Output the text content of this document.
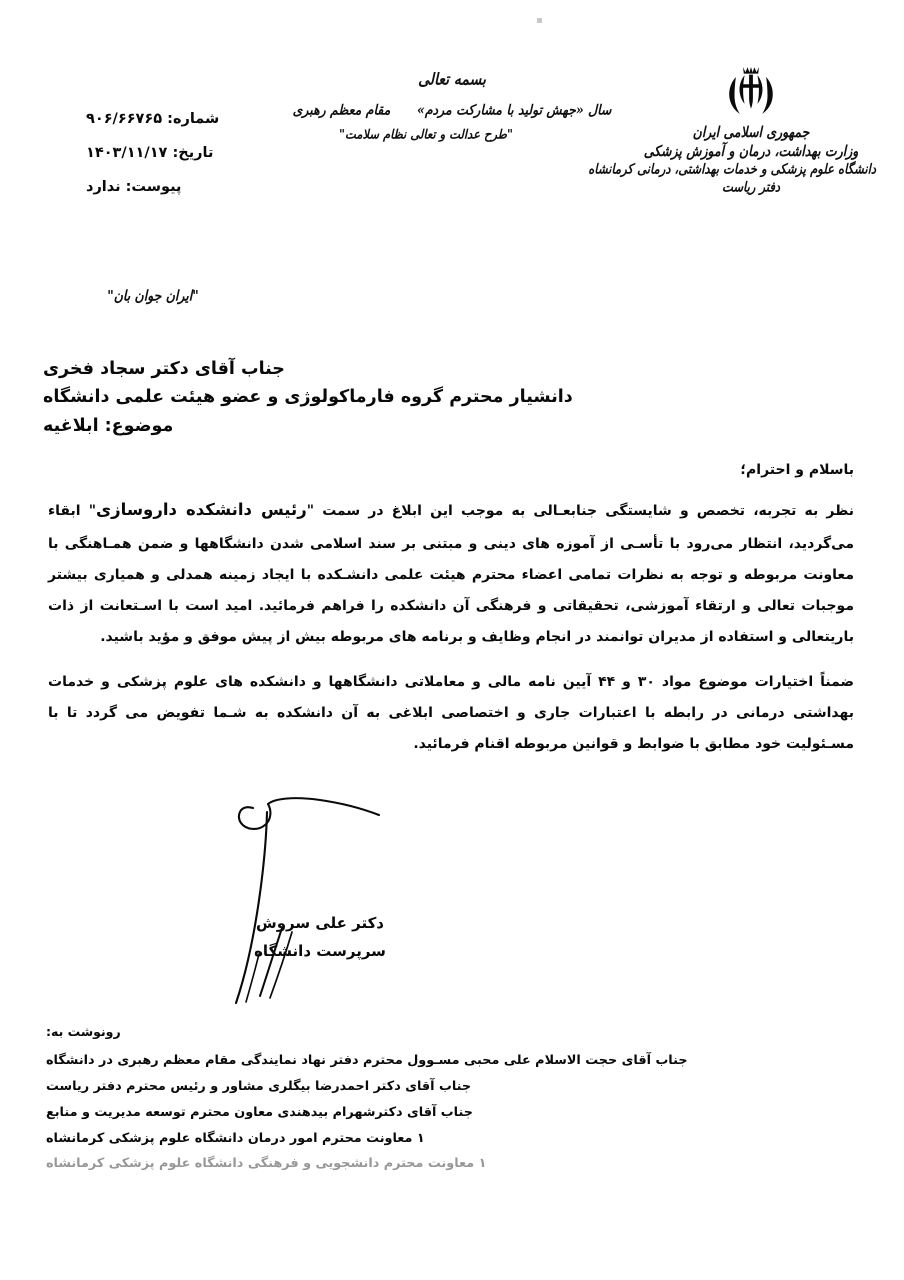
جمهوری اسلامی ایران
وزارت بهداشت، درمان و آموزش پزشکی
دانشگاه علوم پزشکی و خدمات بهداشتی، درمانی کرمانشاه
دفتر ریاست
بسمه تعالی
سال «جهش تولید با مشارکت مردم»  مقام معظم رهبری
"طرح عدالت و تعالی نظام سلامت"
شماره: ۹۰۶/۶۶۷۶۵
تاریخ: ۱۴۰۳/۱۱/۱۷
پیوست: ندارد
"ایران جوان بان"
جناب آقای دکتر سجاد فخری
دانشیار محترم گروه فارماکولوژی و عضو هیئت علمی دانشگاه
موضوع: ابلاغیه
باسلام و احترام؛

نظر به تجربه، تخصص و شایستگی جنابعـالی به موجب این ابلاغ در سمت "رئیس دانشکده داروسازی" ابقاء می‌گردید، انتظار می‌رود با تأسـی از آموزه های دینی و مبتنی بر سند اسلامی شدن دانشگاهها و ضمن همـاهنگی با معاونت مربوطه و توجه به نظرات تمامی اعضاء محترم هیئت علمی دانشـکده با ایجاد زمینه همدلی و همیاری بیشتر موجبات تعالی و ارتقاء آموزشی، تحقیقاتی و فرهنگی آن دانشکده را فراهم فرمائید. امید است با اسـتعانت از ذات باریتعالی و استفاده از مدیران توانمند در انجام وظایف و برنامه های مربوطه بیش از پیش موفق و مؤید باشید.

ضمناً اختیارات موضوع مواد ۳۰ و ۴۴ آیین نامه مالی و معاملاتی دانشگاهها و دانشکده های علوم پزشکی و خدمات بهداشتی درمانی در رابطه با اعتبارات جاری و اختصاصی ابلاغی به آن دانشکده به شـما تفویض می گردد تا با مسـئولیت خود مطابق با ضوابط و قوانین مربوطه اقنام فرمائید.

دکتر علی سروش
سرپرست دانشگاه
رونوشت به:
جناب آقای حجت الاسلام علی محبی مسـوول محترم دفتر نهاد نمایندگی مقام معظم رهبری در دانشگاه
جناب آقای دکتر احمدرضا بیگلری مشاور و رئیس محترم دفتر ریاست
جناب آقای دکترشهرام بیدهندی معاون محترم توسعه مدیریت و منابع
۱ معاونت محترم امور درمان دانشگاه علوم پزشکی کرمانشاه
۱ معاونت محترم دانشجویی و فرهنگی دانشگاه علوم پزشکی کرمانشاه
